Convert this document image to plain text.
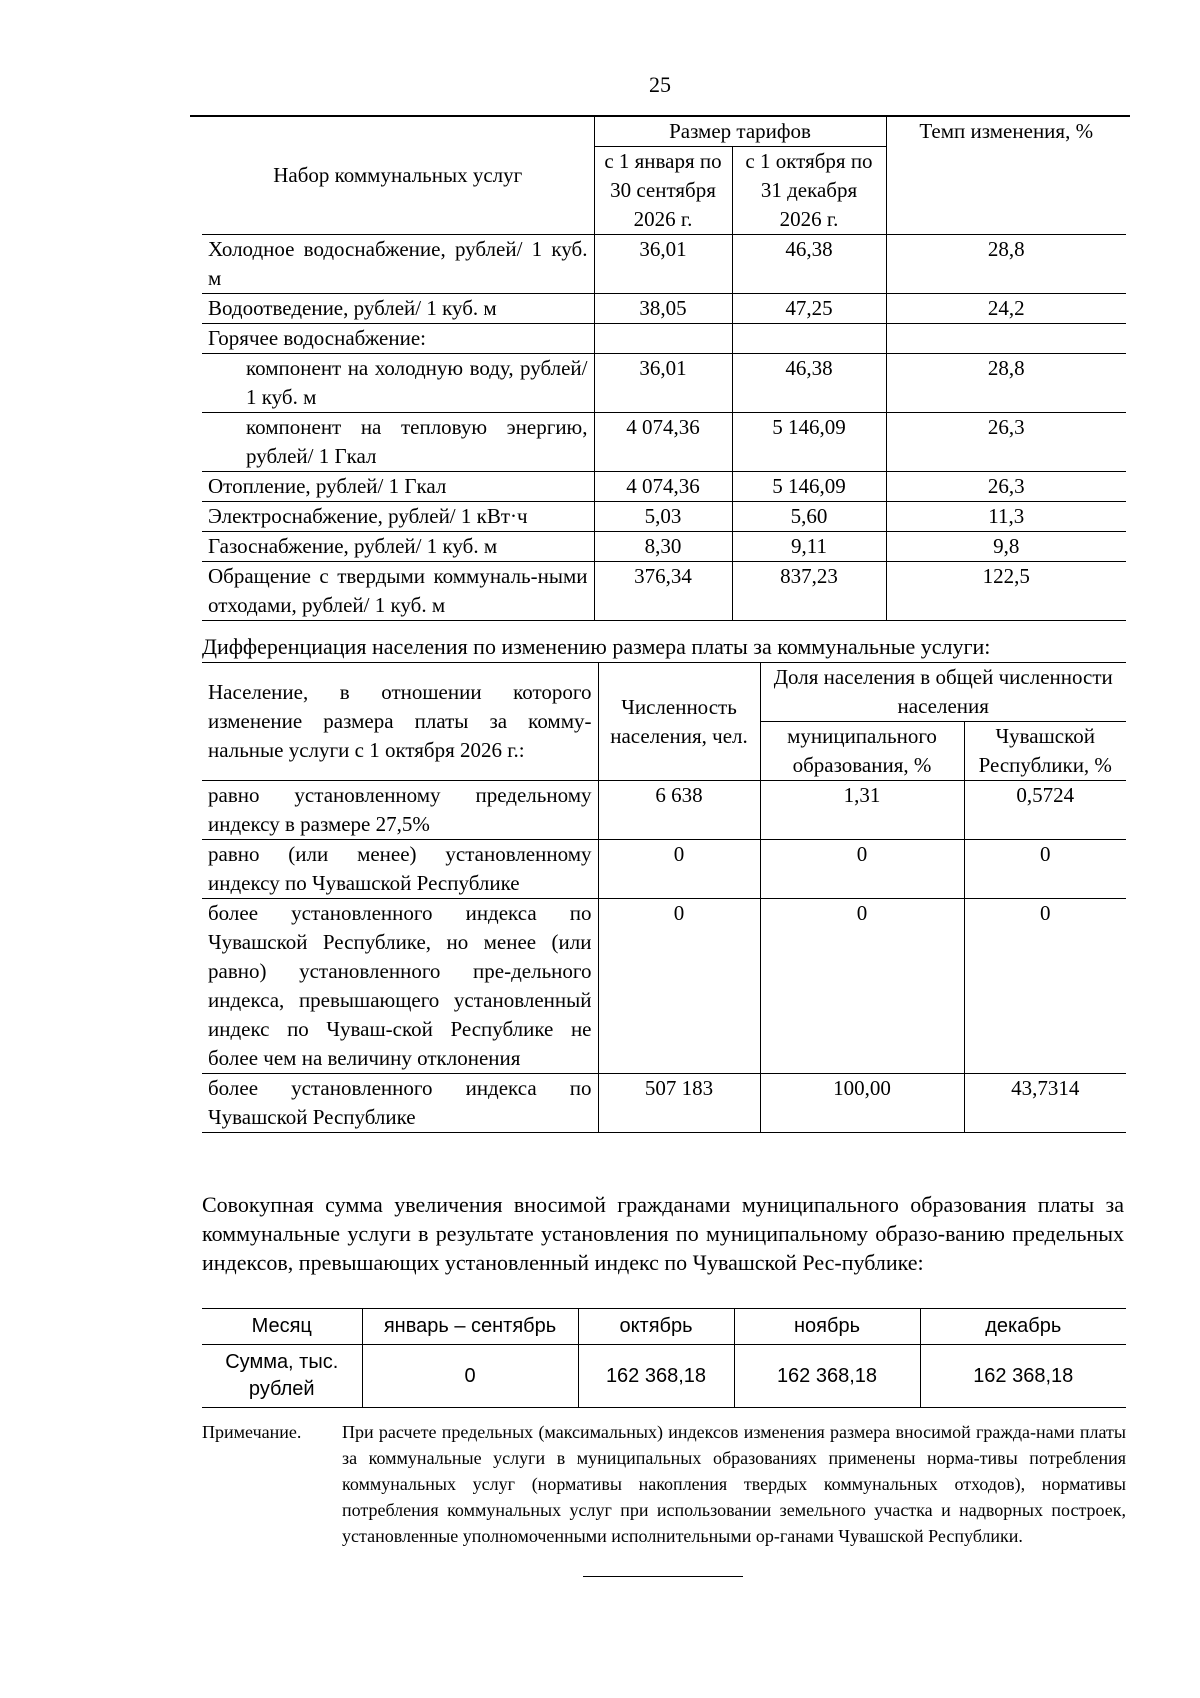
25
Набор коммунальных услуг	Размер тарифов		Темп изменения, %
	с 1 января по 30 сентября 2026 г.	с 1 октября по 31 декабря 2026 г.	
Холодное водоснабжение, рублей/ 1 куб. м	36,01	46,38	28,8
Водоотведение, рублей/ 1 куб. м	38,05	47,25	24,2
Горячее водоснабжение:			
компонент на холодную воду, рублей/ 1 куб. м	36,01	46,38	28,8
компонент на тепловую энергию, рублей/ 1 Гкал	4 074,36	5 146,09	26,3
Отопление, рублей/ 1 Гкал	4 074,36	5 146,09	26,3
Электроснабжение, рублей/ 1 кВт·ч	5,03	5,60	11,3
Газоснабжение, рублей/ 1 куб. м	8,30	9,11	9,8
Обращение с твердыми коммуналь-ными отходами, рублей/ 1 куб. м	376,34	837,23	122,5
Дифференциация населения по изменению размера платы за коммунальные услуги:
Население, в отношении которого изменение размера платы за комму-нальные услуги с 1 октября 2026 г.:	Численность населения, чел.	Доля населения в общей численности населения	
		муниципального образования, %	Чувашской Республики, %
равно установленному предельному индексу в размере 27,5%	6 638	1,31	0,5724
равно (или менее) установленному индексу по Чувашской Республике	0	0	0
более установленного индекса по Чувашской Республике, но менее (или равно) установленного пре-дельного индекса, превышающего установленный индекс по Чуваш-ской Республике не более чем на величину отклонения	0	0	0
более установленного индекса по Чувашской Республике	507 183	100,00	43,7314
Совокупная сумма увеличения вносимой гражданами муниципального образования платы за коммунальные услуги в результате установления по муниципальному образо-ванию предельных индексов, превышающих установленный индекс по Чувашской Рес-публике:
Месяц	январь – сентябрь	октябрь	ноябрь	декабрь
Сумма, тыс. рублей	0	162 368,18	162 368,18	162 368,18
Примечание. При расчете предельных (максимальных) индексов изменения размера вносимой гражда-нами платы за коммунальные услуги в муниципальных образованиях применены норма-тивы потребления коммунальных услуг (нормативы накопления твердых коммунальных отходов), нормативы потребления коммунальных услуг при использовании земельного участка и надворных построек, установленные уполномоченными исполнительными ор-ганами Чувашской Республики.
